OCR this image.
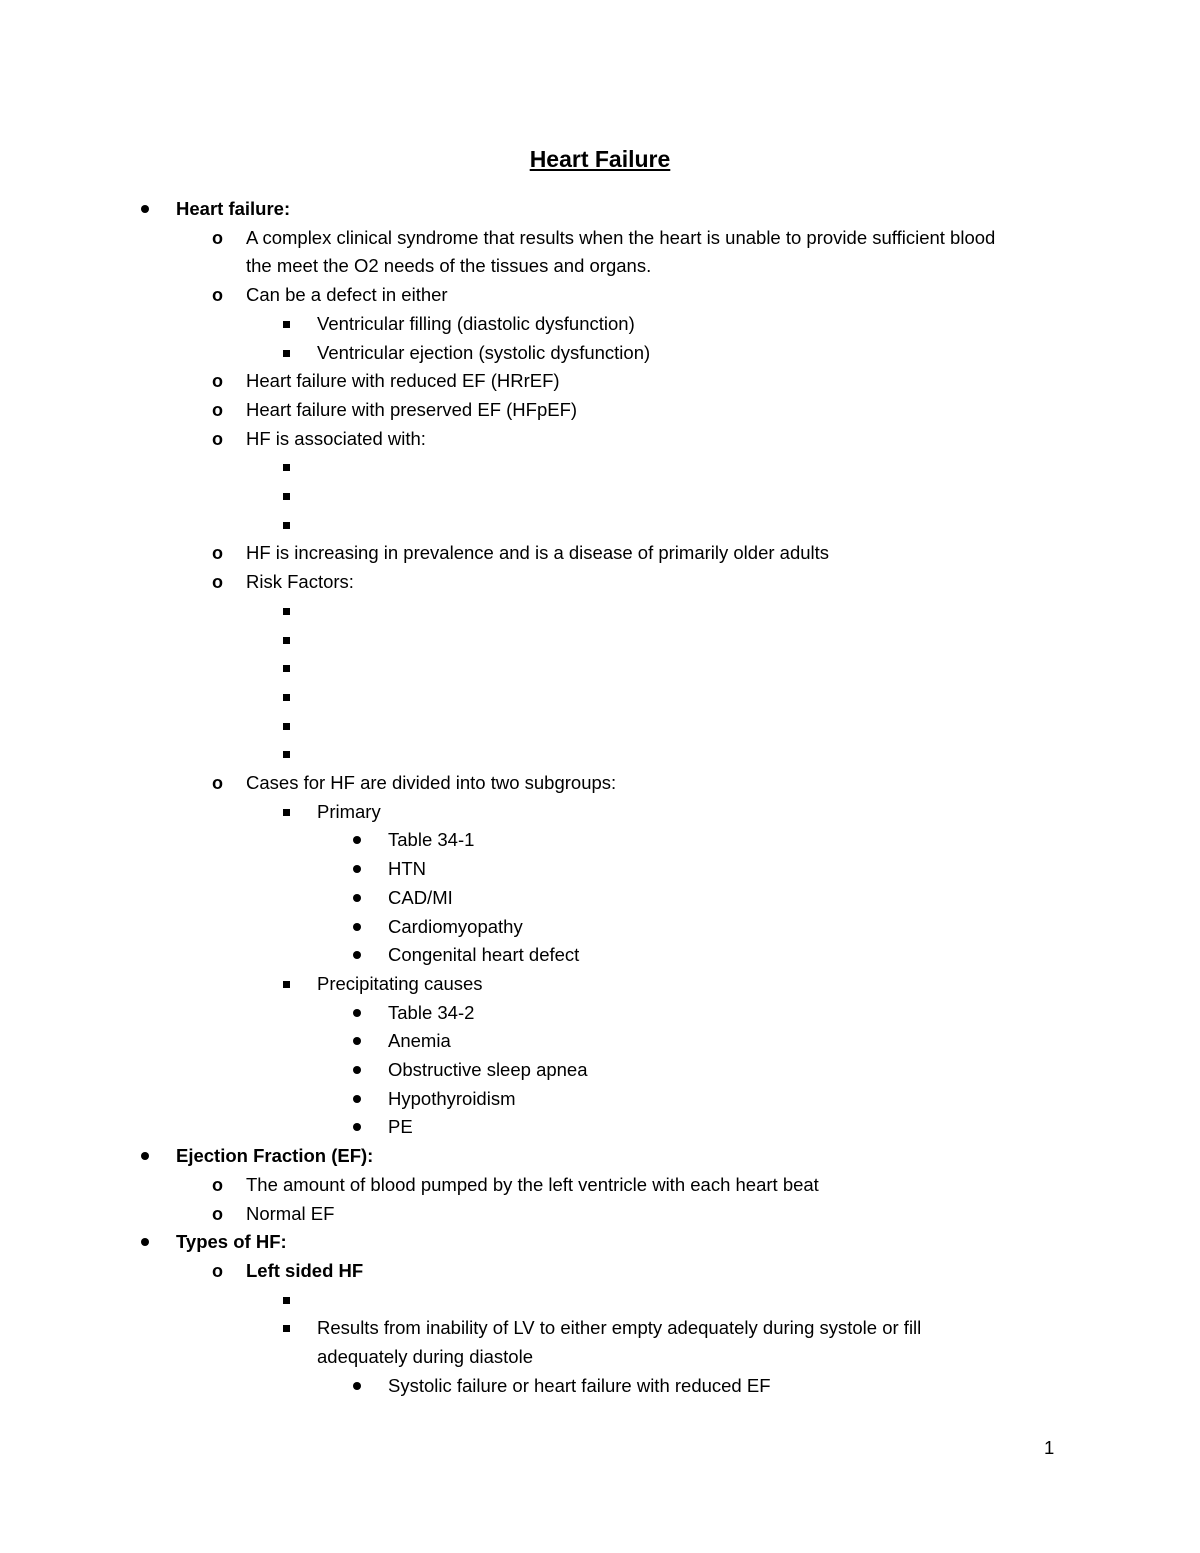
Heart Failure
Heart failure:
o A complex clinical syndrome that results when the heart is unable to provide sufficient blood
the meet the O2 needs of the tissues and organs.
o Can be a defect in either
Ventricular filling (diastolic dysfunction)
Ventricular ejection (systolic dysfunction)
o Heart failure with reduced EF (HRrEF)
o Heart failure with preserved EF (HFpEF)
o HF is associated with:
o HF is increasing in prevalence and is a disease of primarily older adults
o Risk Factors:
o Cases for HF are divided into two subgroups:
Primary
Table 34-1
HTN
CAD/MI
Cardiomyopathy
Congenital heart defect
Precipitating causes
Table 34-2
Anemia
Obstructive sleep apnea
Hypothyroidism
PE
Ejection Fraction (EF):
o The amount of blood pumped by the left ventricle with each heart beat
o Normal EF
Types of HF:
o Left sided HF
Results from inability of LV to either empty adequately during systole or fill
adequately during diastole
Systolic failure or heart failure with reduced EF
1
